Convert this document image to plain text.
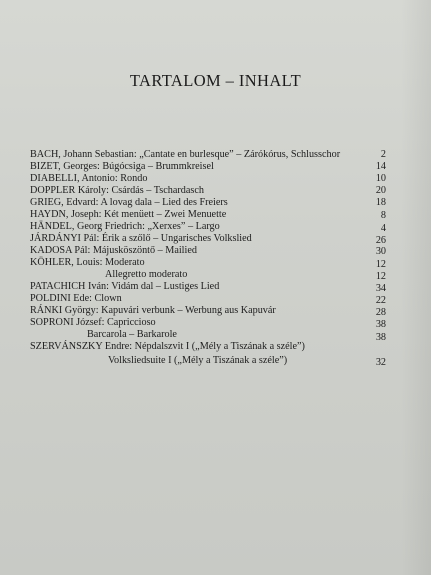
TARTALOM – INHALT
BACH, Johann Sebastian: „Cantate en burlesque” – Zárókórus, Schlusschor
BIZET, Georges: Búgócsiga – Brummkreisel
DIABELLI, Antonio: Rondo
DOPPLER Károly: Csárdás – Tschardasch
GRIEG, Edvard: A lovag dala – Lied des Freiers
HAYDN, Joseph: Két menüett – Zwei Menuette
HÄNDEL, Georg Friedrich: „Xerxes” – Largo
JÁRDÁNYI Pál: Érik a szőlő – Ungarisches Volkslied
KADOSA Pál: Májusköszöntő – Mailied
KÖHLER, Louis: Moderato
Allegretto moderato
PATACHICH Iván: Vidám dal – Lustiges Lied
POLDINI Ede: Clown
RÁNKI György: Kapuvári verbunk – Werbung aus Kapuvár
SOPRONI József: Capriccioso
Barcarola – Barkarole
SZERVÁNSZKY Endre: Népdalszvit I („Mély a Tiszának a széle”)
Volksliedsuite I („Mély a Tiszának a széle”)
2
14
10
20
18
8
4
26
30
12
12
34
22
28
38
38
32
